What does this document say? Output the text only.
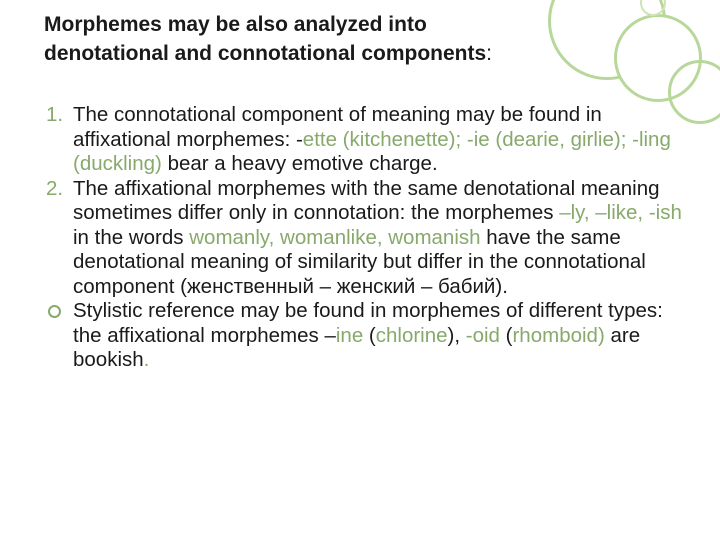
Morphemes may be also analyzed into
denotational and connotational components:
1. The connotational component of meaning may be found in affixational morphemes: -ette (kitchenette); -ie (dearie, girlie); -ling (duckling) bear a heavy emotive charge.
2. The affixational morphemes with the same denotational meaning sometimes differ only in connotation: the morphemes –ly, –like, -ish in the words womanly, womanlike, womanish have the same denotational meaning of similarity but differ in the connotational component (женственный – женский – бабий).
Stylistic reference may be found in morphemes of different types: the affixational morphemes –ine (chlorine), -oid (rhomboid) are bookish.
